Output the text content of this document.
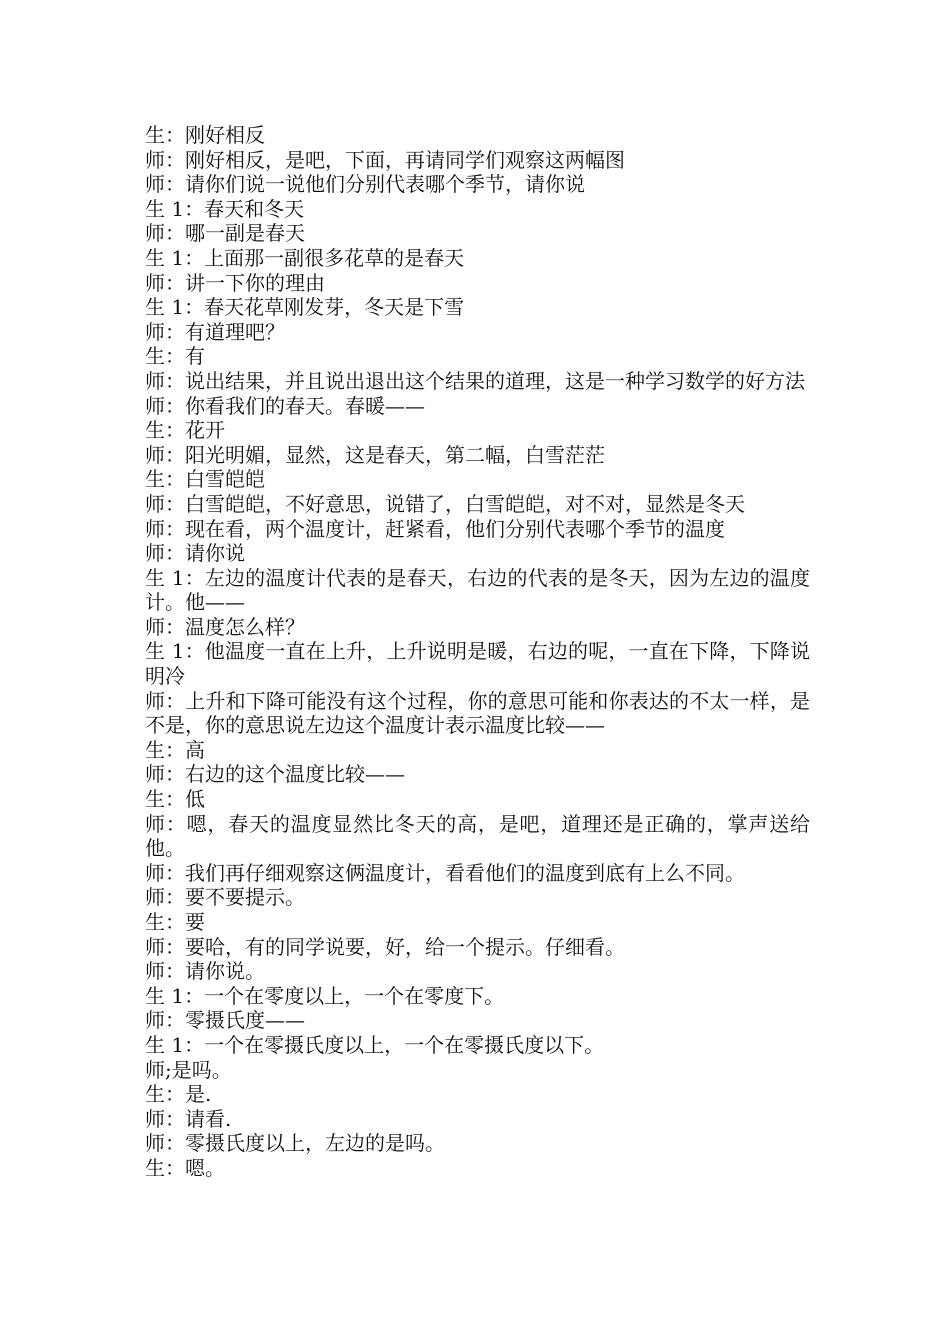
生：刚好相反

师：刚好相反，是吧，下面，再请同学们观察这两幅图

师：请你们说一说他们分别代表哪个季节，请你说

生 1：春天和冬天

师：哪一副是春天

生 1：上面那一副很多花草的是春天

师：讲一下你的理由

生 1：春天花草刚发芽，冬天是下雪

师：有道理吧？

生：有

师：说出结果，并且说出退出这个结果的道理，这是一种学习数学的好方法

师：你看我们的春天。春暖——

生：花开

师：阳光明媚，显然，这是春天，第二幅，白雪茫茫

生：白雪皑皑

师：白雪皑皑，不好意思，说错了，白雪皑皑，对不对，显然是冬天

师：现在看，两个温度计，赶紧看，他们分别代表哪个季节的温度

师：请你说

生 1：左边的温度计代表的是春天，右边的代表的是冬天，因为左边的温度计。他——

师：温度怎么样？

生 1：他温度一直在上升，上升说明是暖，右边的呢，一直在下降，下降说明冷

师：上升和下降可能没有这个过程，你的意思可能和你表达的不太一样，是不是，你的意思说左边这个温度计表示温度比较——

生：高

师：右边的这个温度比较——

生：低

师：嗯，春天的温度显然比冬天的高，是吧，道理还是正确的，掌声送给他。

师：我们再仔细观察这俩温度计，看看他们的温度到底有上么不同。

师：要不要提示。

生：要

师：要哈，有的同学说要，好，给一个提示。仔细看。

师：请你说。

生 1：一个在零度以上，一个在零度下。

师：零摄氏度——

生 1：一个在零摄氏度以上，一个在零摄氏度以下。

师;是吗。

生：是.

师：请看.

师：零摄氏度以上，左边的是吗。

生：嗯。
